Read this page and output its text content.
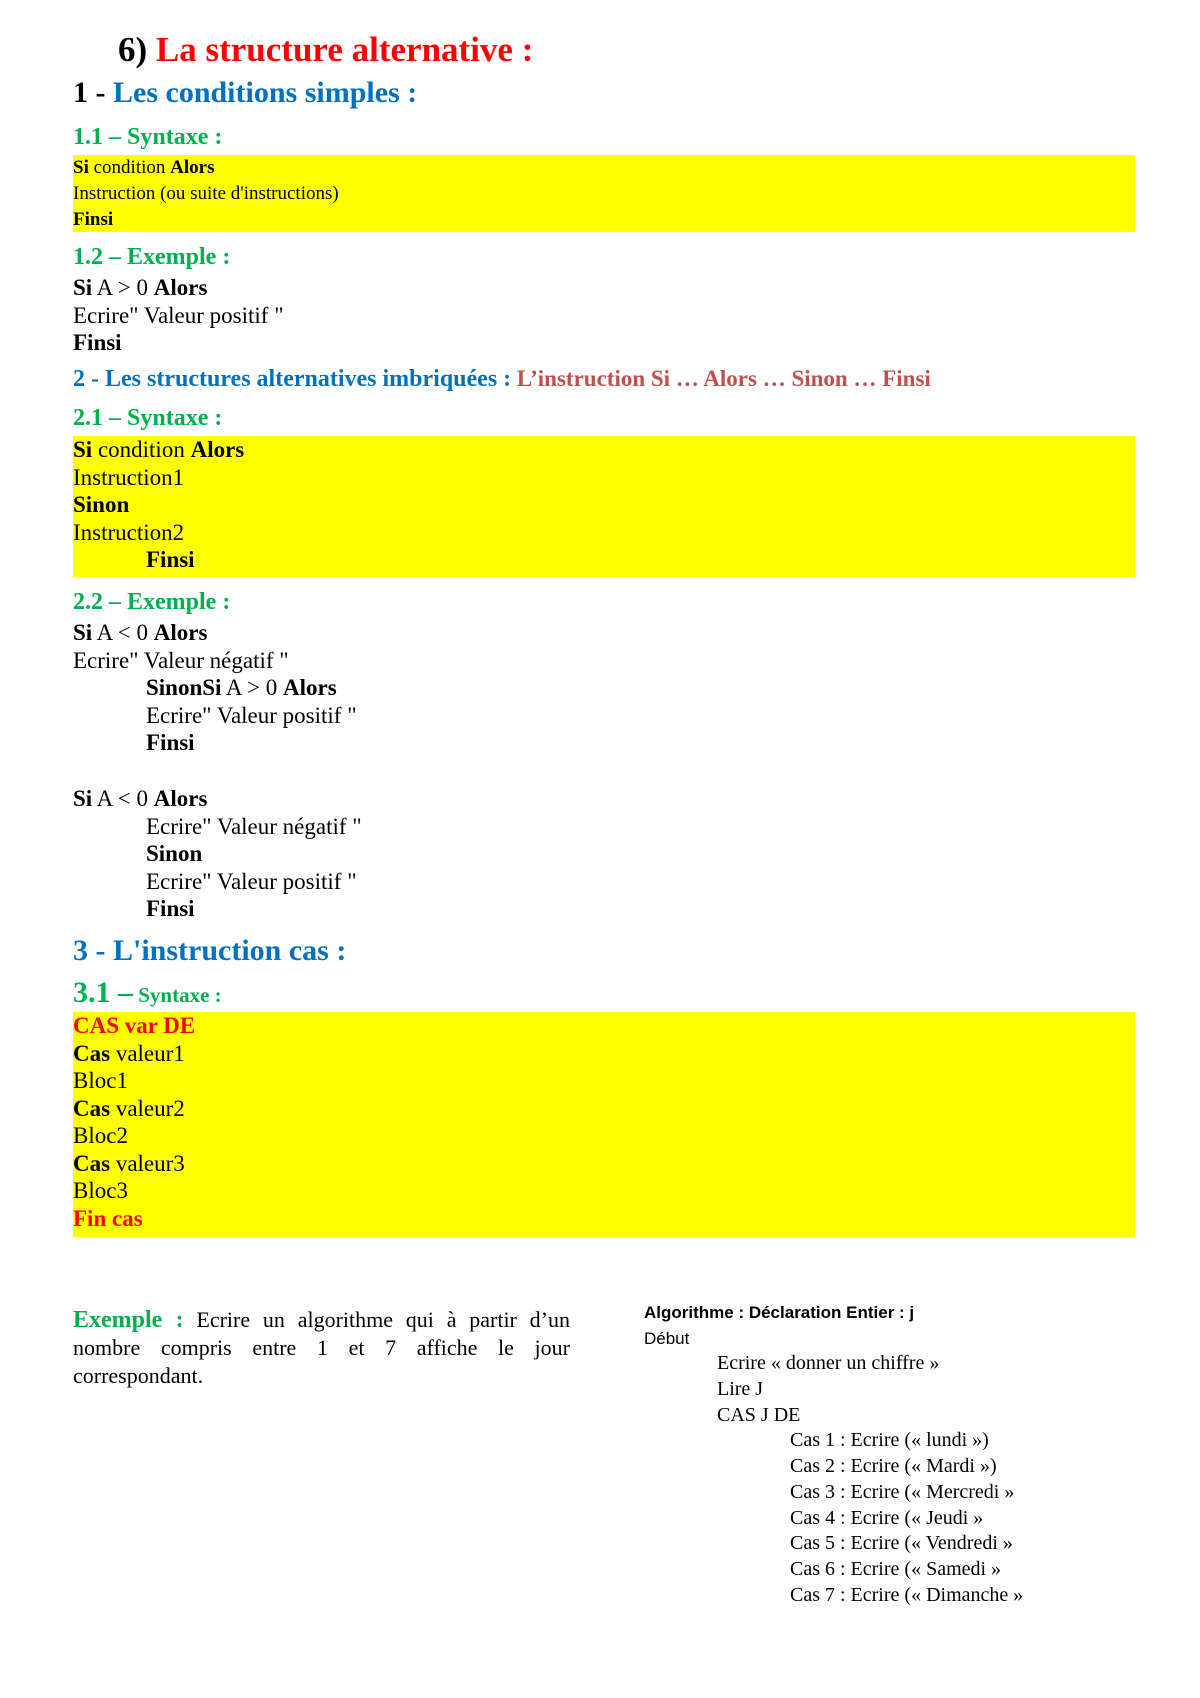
6) La structure alternative :
1 - Les conditions simples :
1.1 – Syntaxe :
Si condition Alors
Instruction (ou suite d'instructions)
Finsi
1.2 – Exemple :
Si A > 0 Alors
Ecrire" Valeur positif "
Finsi
2 - Les structures alternatives imbriquées : L’instruction Si … Alors … Sinon … Finsi
2.1 – Syntaxe :
Si condition Alors
Instruction1
Sinon
Instruction2
Finsi
2.2 – Exemple :
Si A < 0 Alors
Ecrire" Valeur négatif "
SinonSi A > 0 Alors
Ecrire" Valeur positif "
Finsi
Si A < 0 Alors
Ecrire" Valeur négatif "
Sinon
Ecrire" Valeur positif "
Finsi
3 - L'instruction cas :
3.1 – Syntaxe :
CAS var DE
Cas valeur1
Bloc1
Cas valeur2
Bloc2
Cas valeur3
Bloc3
Fin cas
Exemple : Ecrire un algorithme qui à partir d’un nombre compris entre 1 et 7 affiche le jour correspondant.
Algorithme : Déclaration Entier : j
Début
Ecrire « donner un chiffre »
Lire J
CAS J DE
Cas 1 : Ecrire (« lundi »)
Cas 2 : Ecrire (« Mardi »)
Cas 3 : Ecrire (« Mercredi »
Cas 4 : Ecrire (« Jeudi »
Cas 5 : Ecrire (« Vendredi »
Cas 6 : Ecrire (« Samedi »
Cas 7 : Ecrire (« Dimanche »
